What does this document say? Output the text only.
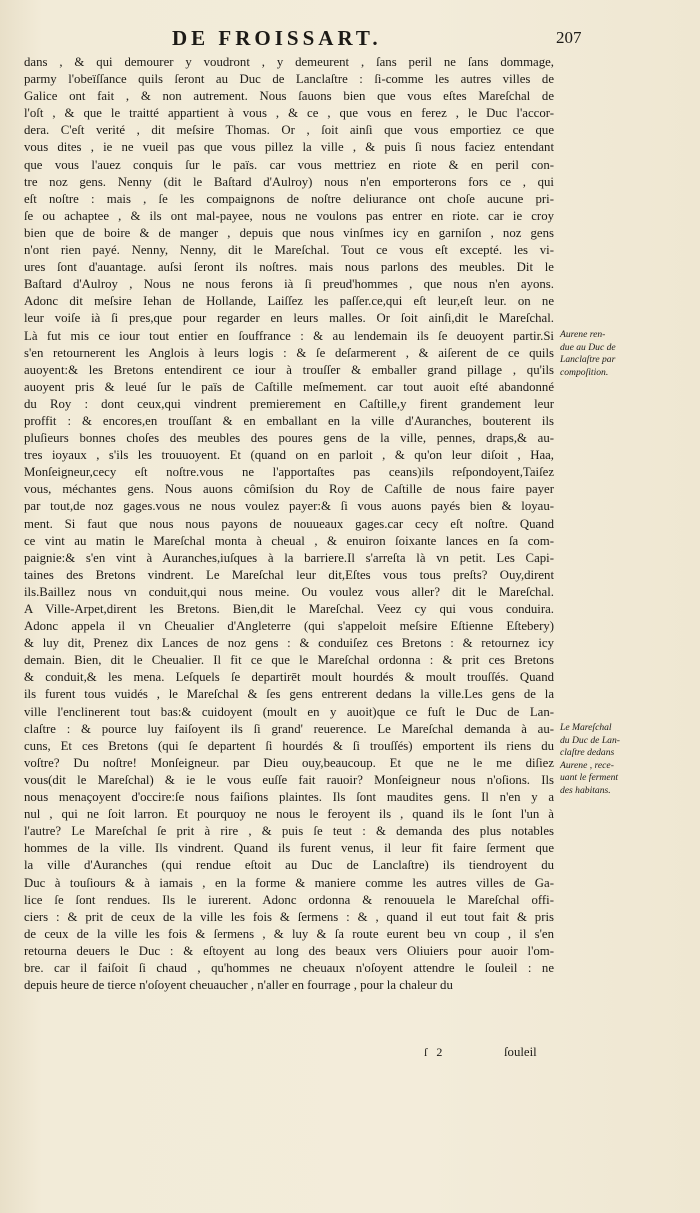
DE FROISSART.	207
dans , & qui demourer y voudront , y demeurent , ſans peril ne ſans dommage,
parmy l'obeïſſance quils ſeront au Duc de Lanclaſtre : ſi-comme les autres villes de
Galice ont fait , & non autrement. Nous ſauons bien que vous eſtes Mareſchal de
l'oſt , & que le traitté appartient à vous , & ce , que vous en ferez , le Duc l'accor-
dera. C'eſt verité , dit meſsire Thomas. Or , ſoit ainſi que vous emportiez ce que
vous dites , ie ne vueil pas que vous pillez la ville , & puis ſi nous faciez entendant
que vous l'auez conquis ſur le païs. car vous mettriez en riote & en peril con-
tre noz gens. Nenny (dit le Baſtard d'Aulroy) nous n'en emporterons fors ce , qui
eſt noſtre : mais , ſe les compaignons de noſtre deliurance ont choſe aucune pri-
ſe ou achaptee , & ils ont mal-payee, nous ne voulons pas entrer en riote. car ie croy
bien que de boire & de manger , depuis que nous vinſmes icy en garniſon , noz gens
n'ont rien payé. Nenny, Nenny, dit le Mareſchal. Tout ce vous eſt excepté. les vi-
ures ſont d'auantage. auſsi ſeront ils noſtres. mais nous parlons des meubles. Dit le
Baſtard d'Aulroy , Nous ne nous ferons ià ſi preud'hommes , que nous n'en ayons.
Adonc dit meſsire Iehan de Hollande, Laiſſez les paſſer.ce,qui eſt leur,eſt leur. on ne
leur voiſe ià ſi pres,que pour regarder en leurs malles. Or ſoit ainſi,dit le Mareſchal.
Là fut mis ce iour tout entier en ſouffrance : & au lendemain ils ſe deuoyent partir.Si
s'en retournerent les Anglois à leurs logis : & ſe deſarmerent , & aiſerent de ce quils
auoyent:& les Bretons entendirent ce iour à trouſſer & emballer grand pillage , qu'ils
auoyent pris & leué ſur le païs de Caſtille meſmement. car tout auoit eſté abandonné
du Roy : dont ceux,qui vindrent premierement en Caſtille,y firent grandement leur
proffit : & encores,en trouſſant & en emballant en la ville d'Auranches, bouterent ils
pluſieurs bonnes choſes des meubles des poures gens de la ville, pennes, draps,& au-
tres ioyaux , s'ils les trouuoyent. Et (quand on en parloit , & qu'on leur diſoit , Haa,
Monſeigneur,cecy eſt noſtre.vous ne l'apportaſtes pas ceans)ils reſpondoyent,Taiſez
vous, méchantes gens. Nous auons cômiſsion du Roy de Caſtille de nous faire payer
par tout,de noz gages.vous ne nous voulez payer:& ſi vous auons payés bien & loyau-
ment. Si faut que nous nous payons de nouueaux gages.car cecy eſt noſtre. Quand
ce vint au matin le Mareſchal monta à cheual , & enuiron ſoixante lances en ſa com-
paignie:& s'en vint à Auranches,iuſques à la barriere.Il s'arreſta là vn petit. Les Capi-
taines des Bretons vindrent. Le Mareſchal leur dit,Eſtes vous tous preſts? Ouy,dirent
ils.Baillez nous vn conduit,qui nous meine. Ou voulez vous aller? dit le Mareſchal.
A Ville-Arpet,dirent les Bretons. Bien,dit le Mareſchal. Veez cy qui vous conduira.
Adonc appela il vn Cheualier d'Angleterre (qui s'appeloit meſsire Eſtienne Eſtebery)
& luy dit, Prenez dix Lances de noz gens : & conduiſez ces Bretons : & retournez icy
demain. Bien, dit le Cheualier. Il fit ce que le Mareſchal ordonna : & prit ces Bretons
& conduit,& les mena. Leſquels ſe departirēt moult hourdés & moult trouſſés. Quand
ils furent tous vuidés , le Mareſchal & ſes gens entrerent dedans la ville.Les gens de la
ville l'enclinerent tout bas:& cuidoyent (moult en y auoit)que ce fuſt le Duc de Lan-
claſtre : & pource luy faiſoyent ils ſi grand' reuerence. Le Mareſchal demanda à au-
cuns, Et ces Bretons (qui ſe departent ſi hourdés & ſi trouſſés) emportent ils riens du
voſtre? Du noſtre! Monſeigneur. par Dieu ouy,beaucoup. Et que ne le me diſiez
vous(dit le Mareſchal) & ie le vous euſſe fait rauoir? Monſeigneur nous n'oſions. Ils
nous menaçoyent d'occire:ſe nous faiſions plaintes. Ils ſont maudites gens. Il n'en y a
nul , qui ne ſoit larron. Et pourquoy ne nous le feroyent ils , quand ils le ſont l'un à
l'autre? Le Mareſchal ſe prit à rire , & puis ſe teut : & demanda des plus notables
hommes de la ville. Ils vindrent. Quand ils furent venus, il leur fit faire ſerment que
la ville d'Auranches (qui rendue eſtoit au Duc de Lanclaſtre) ils tiendroyent du
Duc à touſiours & à iamais , en la forme & maniere comme les autres villes de Ga-
lice ſe ſont rendues. Ils le iurerent. Adonc ordonna & renouuela le Mareſchal offi-
ciers : & prit de ceux de la ville les fois & ſermens : & , quand il eut tout fait & pris
de ceux de la ville les fois & ſermens , & luy & ſa route eurent beu vn coup , il s'en
retourna deuers le Duc : & eſtoyent au long des beaux vers Oliuiers pour auoir l'om-
bre. car il faiſoit ſi chaud , qu'hommes ne cheuaux n'oſoyent attendre le ſouleil : ne
depuis heure de tierce n'oſoyent cheuaucher , n'aller en fourrage , pour la chaleur du
Aurene ren-
due au Duc de
Lanclaſtre par
compoſition.
Le Mareſchal
du Duc de Lan-
claſtre dedans
Aurene , rece-
uant le ferment
des habitans.
ſ 2	ſouleil
